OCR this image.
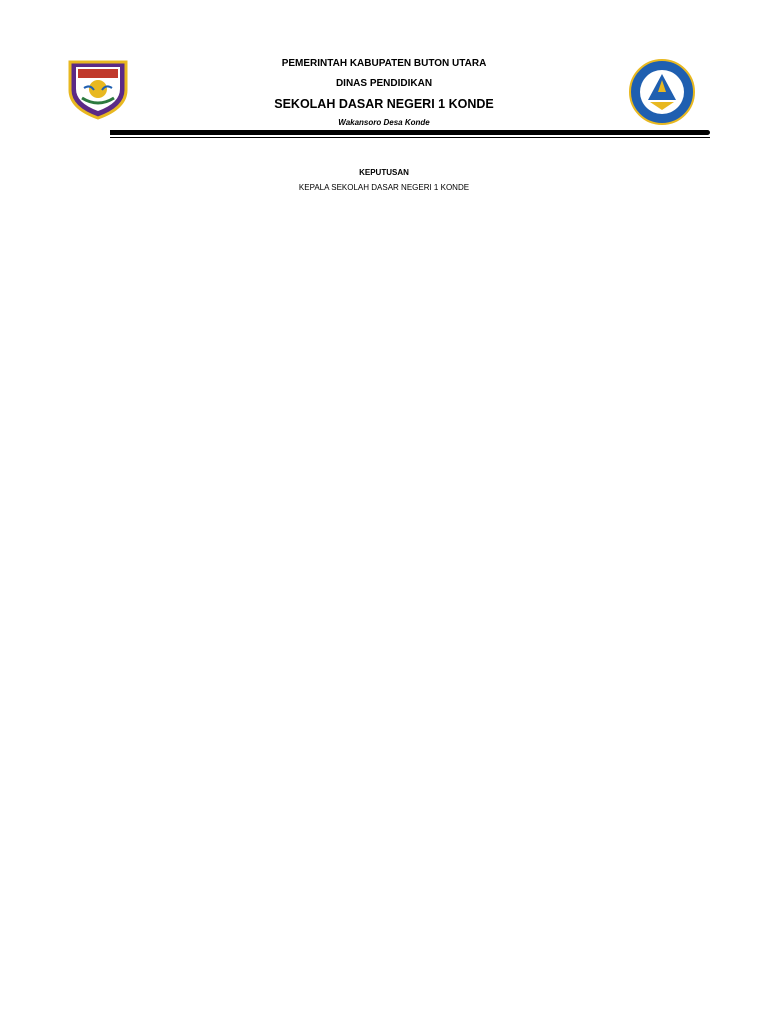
PEMERINTAH KABUPATEN BUTON UTARA
DINAS PENDIDIKAN
SEKOLAH DASAR NEGERI 1 KONDE
Wakansoro Desa Konde
KEPUTUSAN
KEPALA SEKOLAH DASAR NEGERI 1 KONDE
